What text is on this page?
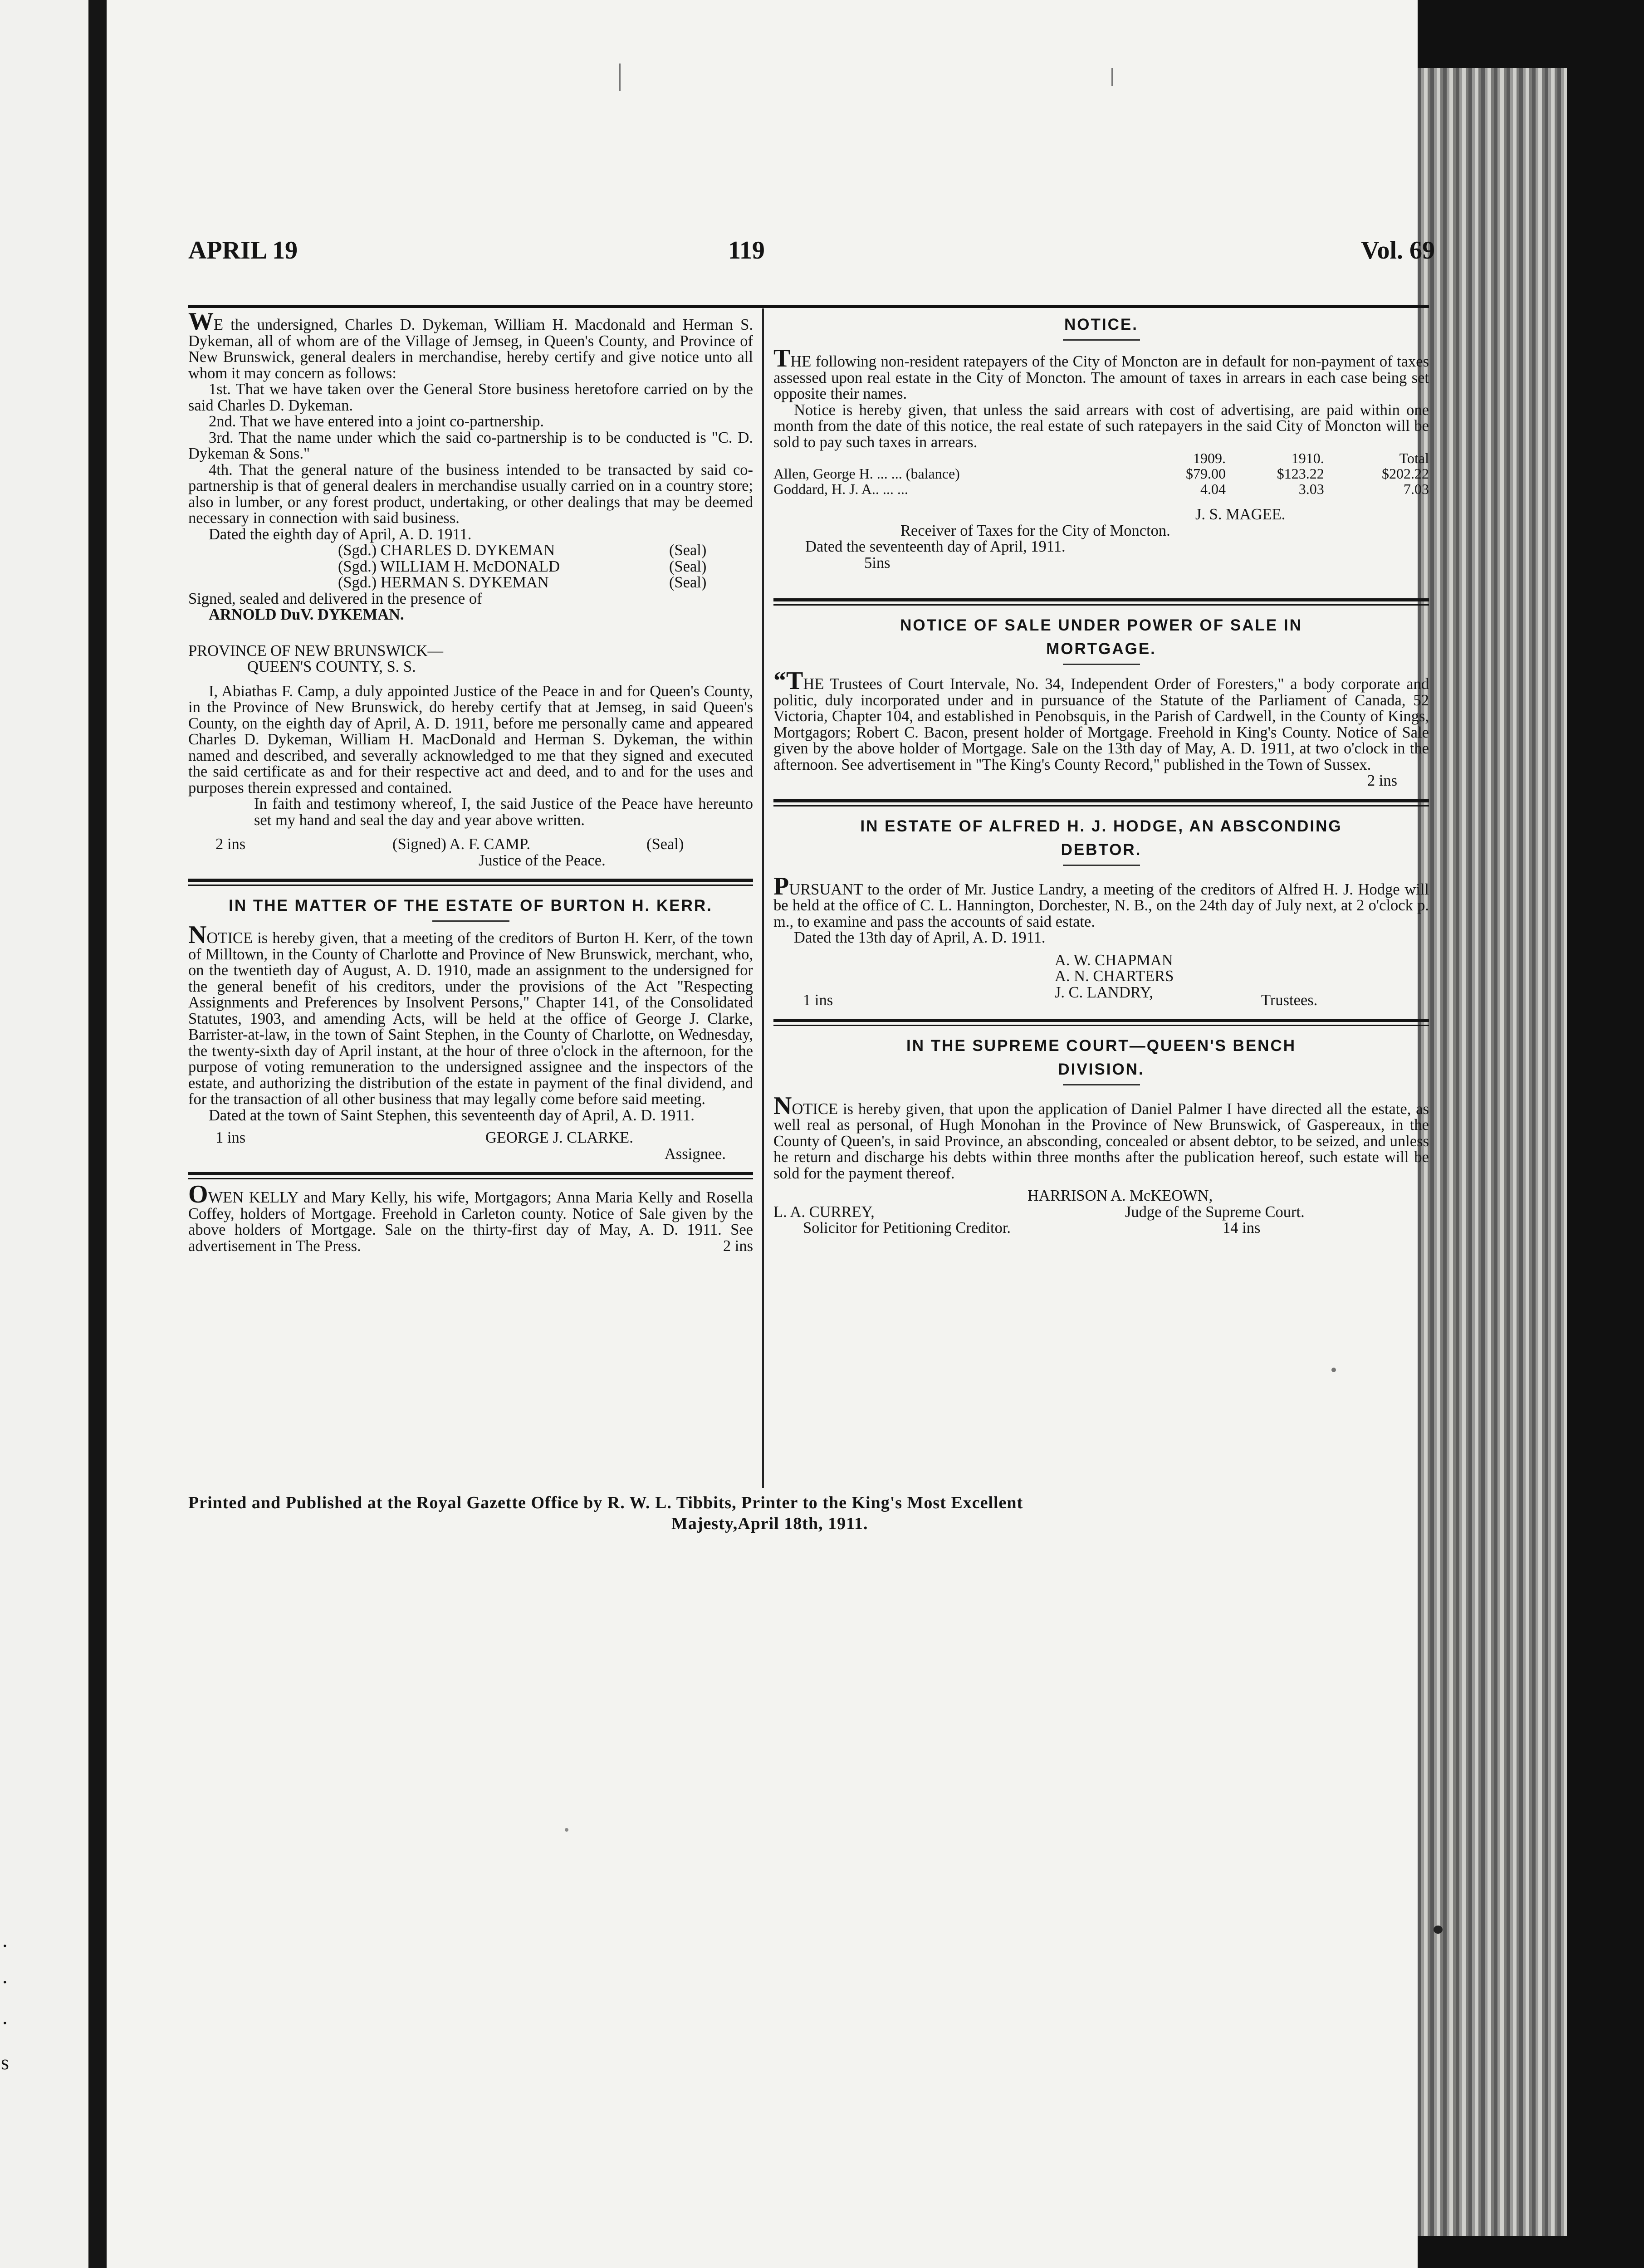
.
.
.
s
APRIL 19	119	Vol. 69

WE the undersigned, Charles D. Dykeman, William H. Macdonald and Herman S. Dykeman, all of whom are of the Village of Jemseg, in Queen's County, and Province of New Brunswick, general dealers in merchandise, hereby certify and give notice unto all whom it may concern as follows:

1st. That we have taken over the General Store business heretofore carried on by the said Charles D. Dykeman.

2nd. That we have entered into a joint co-partnership.

3rd. That the name under which the said co-partnership is to be conducted is "C. D. Dykeman & Sons."

4th. That the general nature of the business intended to be transacted by said co-partnership is that of general dealers in merchandise usually carried on in a country store; also in lumber, or any forest product, undertaking, or other dealings that may be deemed necessary in connection with said business.

Dated the eighth day of April, A. D. 1911.

(Sgd.) CHARLES D. DYKEMAN	(Seal)

(Sgd.) WILLIAM H. McDONALD	(Seal)

(Sgd.) HERMAN S. DYKEMAN	(Seal)

Signed, sealed and delivered in the presence of

ARNOLD DuV. DYKEMAN.

PROVINCE OF NEW BRUNSWICK—

QUEEN'S COUNTY, S. S.

I, Abiathas F. Camp, a duly appointed Justice of the Peace in and for Queen's County, in the Province of New Brunswick, do hereby certify that at Jemseg, in said Queen's County, on the eighth day of April, A. D. 1911, before me personally came and appeared Charles D. Dykeman, William H. MacDonald and Herman S. Dykeman, the within named and described, and severally acknowledged to me that they signed and executed the said certificate as and for their respective act and deed, and to and for the uses and purposes therein expressed and contained.

In faith and testimony whereof, I, the said Justice of the Peace have hereunto set my hand and seal the day and year above written.

2 ins	(Signed) A. F. CAMP.	(Seal)

Justice of the Peace.

IN THE MATTER OF THE ESTATE OF BURTON H. KERR.

NOTICE is hereby given, that a meeting of the creditors of Burton H. Kerr, of the town of Milltown, in the County of Charlotte and Province of New Brunswick, merchant, who, on the twentieth day of August, A. D. 1910, made an assignment to the undersigned for the general benefit of his creditors, under the provisions of the Act "Respecting Assignments and Preferences by Insolvent Persons," Chapter 141, of the Consolidated Statutes, 1903, and amending Acts, will be held at the office of George J. Clarke, Barrister-at-law, in the town of Saint Stephen, in the County of Charlotte, on Wednesday, the twenty-sixth day of April instant, at the hour of three o'clock in the afternoon, for the purpose of voting remuneration to the undersigned assignee and the inspectors of the estate, and authorizing the distribution of the estate in payment of the final dividend, and for the transaction of all other business that may legally come before said meeting.

Dated at the town of Saint Stephen, this seventeenth day of April, A. D. 1911.

1 ins	GEORGE J. CLARKE.

Assignee.

OWEN KELLY and Mary Kelly, his wife, Mortgagors; Anna Maria Kelly and Rosella Coffey, holders of Mortgage. Freehold in Carleton county. Notice of Sale given by the above holders of Mortgage. Sale on the thirty-first day of May, A. D. 1911. See advertisement in The Press.	2 ins

NOTICE.

THE following non-resident ratepayers of the City of Moncton are in default for non-payment of taxes assessed upon real estate in the City of Moncton. The amount of taxes in arrears in each case being set opposite their names.

Notice is hereby given, that unless the said arrears with cost of advertising, are paid within one month from the date of this notice, the real estate of such ratepayers in the said City of Moncton will be sold to pay such taxes in arrears.

	1909.	1910.	Total
Allen, George H. ... ... (balance)	$79.00	$123.22	$202.22
Goddard, H. J. A.. ... ...	4.04	3.03	7.03

J. S. MAGEE.

Receiver of Taxes for the City of Moncton.

Dated the seventeenth day of April, 1911.

5ins

NOTICE OF SALE UNDER POWER OF SALE IN
MORTGAGE.

“THE Trustees of Court Intervale, No. 34, Independent Order of Foresters," a body corporate and politic, duly incorporated under and in pursuance of the Statute of the Parliament of Canada, 52 Victoria, Chapter 104, and established in Penobsquis, in the Parish of Cardwell, in the County of Kings, Mortgagors; Robert C. Bacon, present holder of Mortgage. Freehold in King's County. Notice of Sale given by the above holder of Mortgage. Sale on the 13th day of May, A. D. 1911, at two o'clock in the afternoon. See advertisement in "The King's County Record," published in the Town of Sussex.

2 ins

IN ESTATE OF ALFRED H. J. HODGE, AN ABSCONDING
DEBTOR.

PURSUANT to the order of Mr. Justice Landry, a meeting of the creditors of Alfred H. J. Hodge will be held at the office of C. L. Hannington, Dorchester, N. B., on the 24th day of July next, at 2 o'clock p. m., to examine and pass the accounts of said estate.

Dated the 13th day of April, A. D. 1911.

A. W. CHAPMAN

A. N. CHARTERS

J. C. LANDRY,

1 ins	Trustees.

IN THE SUPREME COURT—QUEEN'S BENCH
DIVISION.

NOTICE is hereby given, that upon the application of Daniel Palmer I have directed all the estate, as well real as personal, of Hugh Monohan in the Province of New Brunswick, of Gaspereaux, in the County of Queen's, in said Province, an absconding, concealed or absent debtor, to be seized, and unless he return and discharge his debts within three months after the publication hereof, such estate will be sold for the payment thereof.

HARRISON A. McKEOWN,

L. A. CURREY,	Judge of the Supreme Court.

Solicitor for Petitioning Creditor.	14 ins

Printed and Published at the Royal Gazette Office by R. W. L. Tibbits, Printer to the King's Most Excellent
Majesty,April 18th, 1911.
